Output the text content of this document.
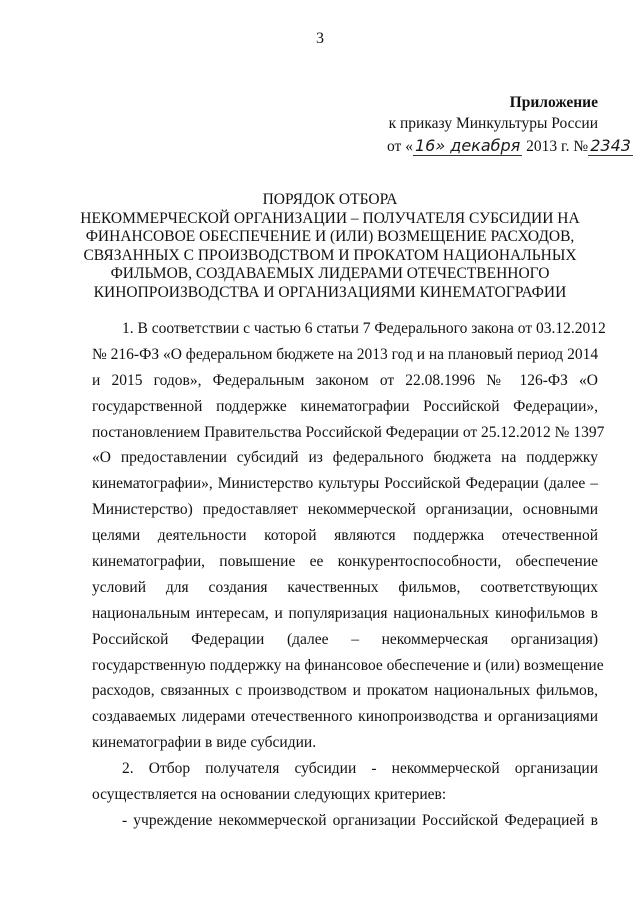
3
Приложение
к приказу Минкультуры России
от « 16» декабря 2013 г. № 2343
ПОРЯДОК ОТБОРА
НЕКОММЕРЧЕСКОЙ ОРГАНИЗАЦИИ – ПОЛУЧАТЕЛЯ СУБСИДИИ НА
ФИНАНСОВОЕ ОБЕСПЕЧЕНИЕ И (ИЛИ) ВОЗМЕЩЕНИЕ РАСХОДОВ,
СВЯЗАННЫХ С ПРОИЗВОДСТВОМ И ПРОКАТОМ НАЦИОНАЛЬНЫХ
ФИЛЬМОВ, СОЗДАВАЕМЫХ ЛИДЕРАМИ ОТЕЧЕСТВЕННОГО
КИНОПРОИЗВОДСТВА И ОРГАНИЗАЦИЯМИ КИНЕМАТОГРАФИИ
1. В соответствии с частью 6 статьи 7 Федерального закона от 03.12.2012
№ 216-ФЗ «О федеральном бюджете на 2013 год и на плановый период 2014
и 2015 годов», Федеральным законом от 22.08.1996 № 126-ФЗ «О
государственной поддержке кинематографии Российской Федерации»,
постановлением Правительства Российской Федерации от 25.12.2012 № 1397
«О предоставлении субсидий из федерального бюджета на поддержку
кинематографии», Министерство культуры Российской Федерации (далее –
Министерство) предоставляет некоммерческой организации, основными
целями деятельности которой являются поддержка отечественной
кинематографии, повышение ее конкурентоспособности, обеспечение
условий для создания качественных фильмов, соответствующих
национальным интересам, и популяризация национальных кинофильмов в
Российской Федерации (далее – некоммерческая организация)
государственную поддержку на финансовое обеспечение и (или) возмещение
расходов, связанных с производством и прокатом национальных фильмов,
создаваемых лидерами отечественного кинопроизводства и организациями
кинематографии в виде субсидии.
2. Отбор получателя субсидии - некоммерческой организации
осуществляется на основании следующих критериев:
- учреждение некоммерческой организации Российской Федерацией в
